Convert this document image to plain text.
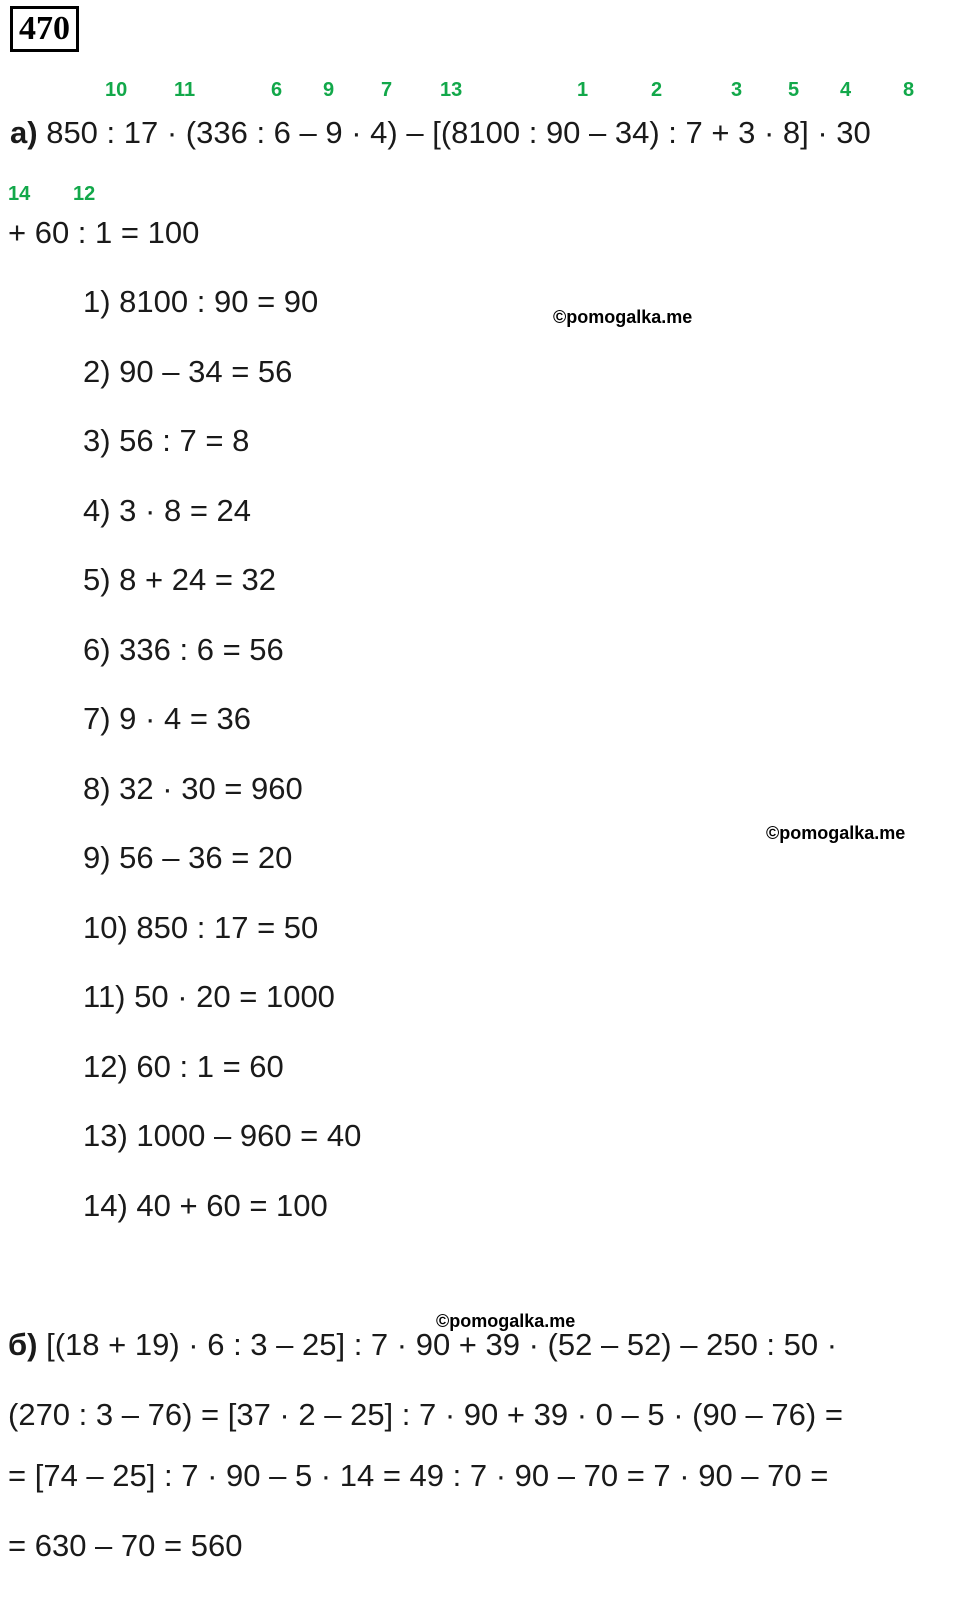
470
10 11	6 9 7 13	1	2	3 5 4	8
а) 850 : 17 · (336 : 6 – 9 · 4) – [(8100 : 90 – 34) : 7 + 3 · 8] · 30
14 12
+ 60 : 1 = 100
1) 8100 : 90 = 90
2) 90 – 34 = 56
3) 56 : 7 = 8
4) 3 · 8 = 24
5) 8 + 24 = 32
6) 336 : 6 = 56
7) 9 · 4 = 36
8) 32 · 30 = 960
9) 56 – 36 = 20
10) 850 : 17 = 50
11) 50 · 20 = 1000
12) 60 : 1 = 60
13) 1000 – 960 = 40
14) 40 + 60 = 100
©pomogalka.me
©pomogalka.me
©pomogalka.me
б) [(18 + 19) · 6 : 3 – 25] : 7 · 90 + 39 · (52 – 52) – 250 : 50 ·
(270 : 3 – 76) = [37 · 2 – 25] : 7 · 90 + 39 · 0 – 5 · (90 – 76) =
= [74 – 25] : 7 · 90 – 5 · 14 = 49 : 7 · 90 – 70 = 7 · 90 – 70 =
= 630 – 70 = 560
